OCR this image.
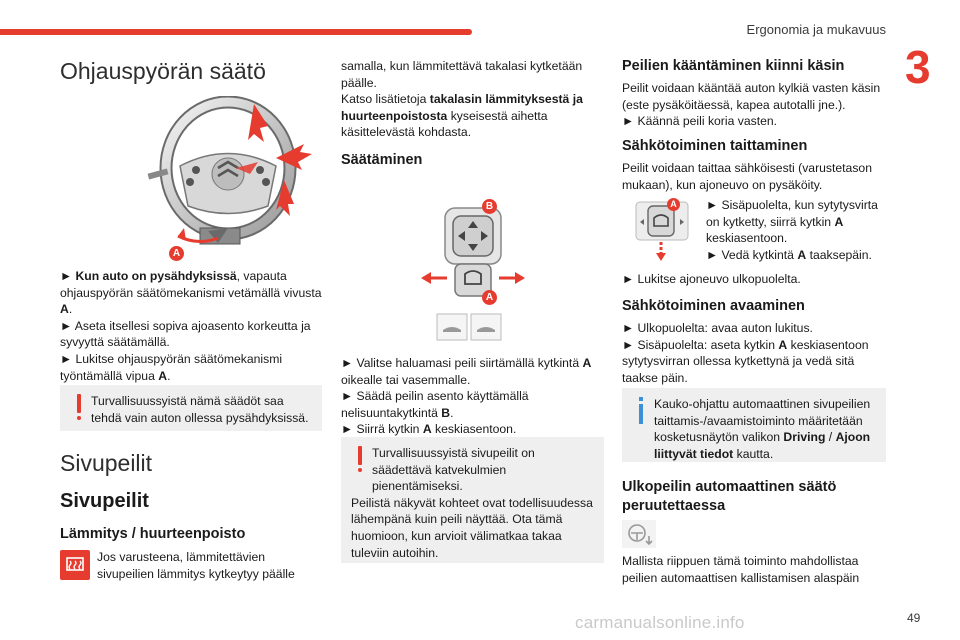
Ergonomia ja mukavuus
3
Ohjauspyörän säätö
A
► Kun auto on pysähdyksissä, vapauta ohjauspyörän säätömekanismi vetämällä vivusta
A.
► Aseta itsellesi sopiva ajoasento korkeutta ja syvyyttä säätämällä.
► Lukitse ohjauspyörän säätömekanismi työntämällä vipua A.
Turvallisuussyistä nämä säädöt saa tehdä vain auton ollessa pysähdyksissä.
Sivupeilit
Sivupeilit
Lämmitys / huurteenpoisto
Jos varusteena, lämmitettävien sivupeilien lämmitys kytkeytyy päälle
samalla, kun lämmitettävä takalasi kytketään päälle.
Katso lisätietoja takalasin lämmityksestä ja huurteenpoistosta kyseisestä aihetta käsittelevästä kohdasta.
Säätäminen
B
A
► Valitse haluamasi peili siirtämällä kytkintä A oikealle tai vasemmalle.
► Säädä peilin asento käyttämällä nelisuuntakytkintä B.
► Siirrä kytkin A keskiasentoon.
Turvallisuussyistä sivupeilit on säädettävä katvekulmien pienentämiseksi.
Peilistä näkyvät kohteet ovat todellisuudessa lähempänä kuin peili näyttää. Ota tämä huomioon, kun arvioit välimatkaa takaa tuleviin autoihin.
Peilien kääntäminen kiinni käsin
Peilit voidaan kääntää auton kylkiä vasten käsin (este pysäköitäessä, kapea autotalli jne.).
► Käännä peili koria vasten.
Sähkötoiminen taittaminen
Peilit voidaan taittaa sähköisesti (varustetason mukaan), kun ajoneuvo on pysäköity.
A ► Sisäpuolelta, kun sytytysvirta on kytketty, siirrä kytkin A keskiasentoon.
► Vedä kytkintä A taaksepäin.
► Lukitse ajoneuvo ulkopuolelta.
Sähkötoiminen avaaminen
► Ulkopuolelta: avaa auton lukitus.
► Sisäpuolelta: aseta kytkin A keskiasentoon sytytysvirran ollessa kytkettynä ja vedä sitä taakse päin.
Kauko-ohjattu automaattinen sivupeilien taittamis-/avaamistoiminto määritetään kosketusnäytön valikon Driving / Ajoon liittyvät tiedot kautta.
Ulkopeilin automaattinen säätö peruutettaessa
Mallista riippuen tämä toiminto mahdollistaa peilien automaattisen kallistamisen alaspäin
carmanualsonline.info	49
